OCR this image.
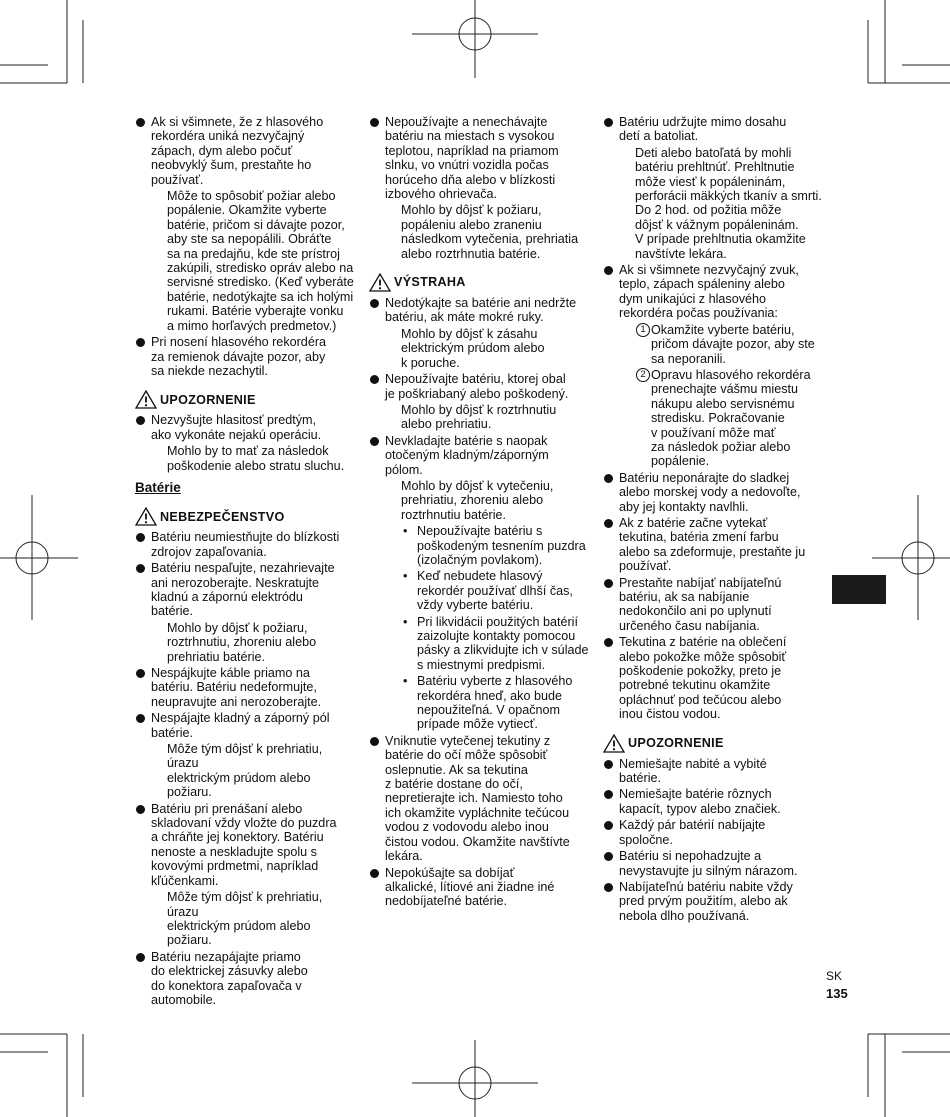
Ak si všimnete, že z hlasového
rekordéra uniká nezvyčajný
zápach, dym alebo počuť
neobvyklý šum, prestaňte ho
používať.

Môže to spôsobiť požiar alebo
popálenie. Okamžite vyberte
batérie, pričom si dávajte pozor,
aby ste sa nepopálili. Obráťte
sa na predajňu, kde ste prístroj
zakúpili, stredisko opráv alebo na
servisné stredisko. (Keď vyberáte
batérie, nedotýkajte sa ich holými
rukami. Batérie vyberajte vonku
a mimo horľavých predmetov.)

Pri nosení hlasového rekordéra
za remienok dávajte pozor, aby
sa niekde nezachytil.

UPOZORNENIE

Nezvyšujte hlasitosť predtým,
ako vykonáte nejakú operáciu.

Mohlo by to mať za následok
poškodenie alebo stratu sluchu.
Batérie
NEBEZPEČENSTVO

Batériu neumiestňujte do blízkosti
zdrojov zapaľovania.

Batériu nespaľujte, nezahrievajte
ani nerozoberajte. Neskratujte
kladnú a zápornú elektródu
batérie.

Mohlo by dôjsť k požiaru,
roztrhnutiu, zhoreniu alebo
prehriatiu batérie.

Nespájkujte káble priamo na
batériu. Batériu nedeformujte,
neupravujte ani nerozoberajte.

Nespájajte kladný a záporný pól
batérie.

Môže tým dôjsť k prehriatiu, úrazu
elektrickým prúdom alebo požiaru.

Batériu pri prenášaní alebo
skladovaní vždy vložte do puzdra
a chráňte jej konektory. Batériu
nenoste a neskladujte spolu s
kovovými prdmetmi, napríklad
kľúčenkami.

Môže tým dôjsť k prehriatiu, úrazu
elektrickým prúdom alebo požiaru.

Batériu nezapájajte priamo
do elektrickej zásuvky alebo
do konektora zapaľovača v
automobile.

Nepoužívajte a nenechávajte
batériu na miestach s vysokou
teplotou, napríklad na priamom
slnku, vo vnútri vozidla počas
horúceho dňa alebo v blízkosti
izbového ohrievača.

Mohlo by dôjsť k požiaru,
popáleniu alebo zraneniu
následkom vytečenia, prehriatia
alebo roztrhnutia batérie.
VÝSTRAHA

Nedotýkajte sa batérie ani nedržte
batériu, ak máte mokré ruky.

Mohlo by dôjsť k zásahu
elektrickým prúdom alebo
k poruche.

Nepoužívajte batériu, ktorej obal
je poškriabaný alebo poškodený.

Mohlo by dôjsť k roztrhnutiu
alebo prehriatiu.

Nevkladajte batérie s naopak
otočeným kladným/záporným
pólom.

Mohlo by dôjsť k vytečeniu,
prehriatiu, zhoreniu alebo
roztrhnutiu batérie.
• Nepoužívajte batériu s
poškodeným tesnením puzdra
(izolačným povlakom).
• Keď nebudete hlasový
rekordér používať dlhší čas,
vždy vyberte batériu.
• Pri likvidácii použitých batérií
zaizolujte kontakty pomocou
pásky a zlikvidujte ich v súlade
s miestnymi predpismi.
• Batériu vyberte z hlasového
rekordéra hneď, ako bude
nepoužiteľná. V opačnom
prípade môže vytiecť.

Vniknutie vytečenej tekutiny z
batérie do očí môže spôsobiť
oslepnutie. Ak sa tekutina
z batérie dostane do očí,
nepretierajte ich. Namiesto toho
ich okamžite vypláchnite tečúcou
vodou z vodovodu alebo inou
čistou vodou. Okamžite navštívte
lekára.

Nepokúšajte sa dobíjať
alkalické, lítiové ani žiadne iné
nedobíjateľné batérie.

Batériu udržujte mimo dosahu
detí a batoliat.

Deti alebo batoľatá by mohli
batériu prehltnúť. Prehltnutie
môže viesť k popáleninám,
perforácii mäkkých tkanív a smrti.
Do 2 hod. od požitia môže
dôjsť k vážnym popáleninám.
V prípade prehltnutia okamžite
navštívte lekára.

Ak si všimnete nezvyčajný zvuk,
teplo, zápach spáleniny alebo
dym unikajúci z hlasového
rekordéra počas používania:

1 Okamžite vyberte batériu,
pričom dávajte pozor, aby ste
sa neporanili.
2 Opravu hlasového rekordéra
prenechajte vášmu miestu
nákupu alebo servisnému
stredisku. Pokračovanie
v používaní môže mať
za následok požiar alebo
popálenie.

Batériu neponárajte do sladkej
alebo morskej vody a nedovoľte,
aby jej kontakty navlhli.

Ak z batérie začne vytekať
tekutina, batéria zmení farbu
alebo sa zdeformuje, prestaňte ju
používať.

Prestaňte nabíjať nabíjateľnú
batériu, ak sa nabíjanie
nedokončilo ani po uplynutí
určeného času nabíjania.

Tekutina z batérie na oblečení
alebo pokožke môže spôsobiť
poškodenie pokožky, preto je
potrebné tekutinu okamžite
opláchnuť pod tečúcou alebo
inou čistou vodou.

UPOZORNENIE

Nemiešajte nabité a vybité
batérie.

Nemiešajte batérie rôznych
kapacít, typov alebo značiek.

Každý pár batérií nabíjajte
spoločne.

Batériu si nepohadzujte a
nevystavujte ju silným nárazom.

Nabíjateľnú batériu nabite vždy
pred prvým použitím, alebo ak
nebola dlho používaná.

SK
135
